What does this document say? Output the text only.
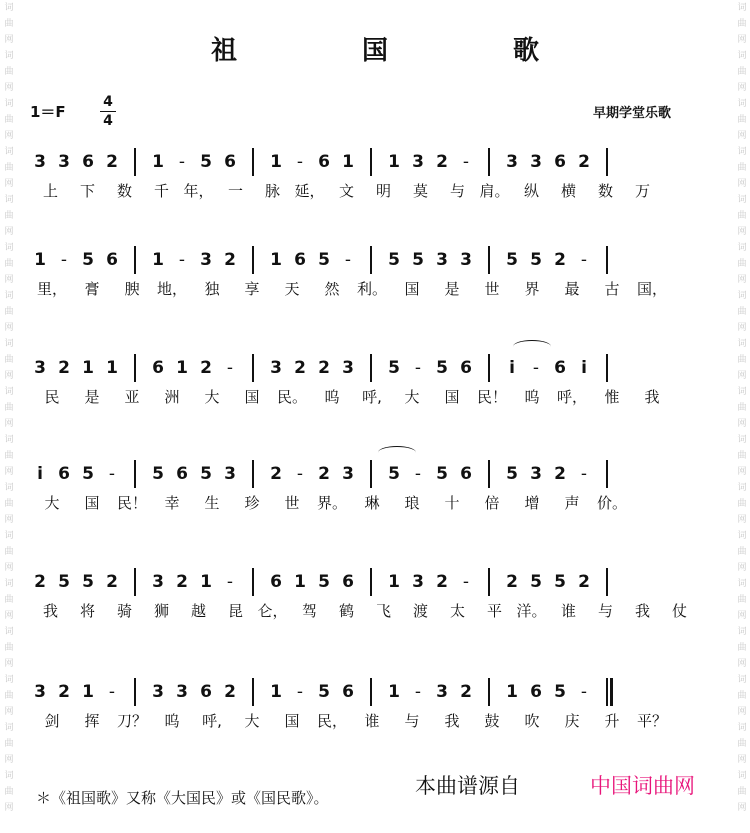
词
曲
网
词
曲
网
词
曲
网
词
曲
网
词
曲
网
词
曲
网
词
曲
网
词
曲
网
词
曲
网
词
曲
网
词
曲
网
词
曲
网
词
曲
网
词
曲
网
词
曲
网
词
曲
网
词
曲
网
词
曲
网
词
曲
网
词
曲
网
词
曲
网
词
曲
网
词
曲
网
词
曲
网
词
曲
网
词
曲
网
词
曲
网
词
曲
网
词
曲
网
词
曲
网
词
曲
网
词
曲
网
词
曲
网
词
曲
网
祖 国 歌
1＝F
4
4	早期学堂乐歌
3 3 6 2	1 - 5 6	1 - 6 1	1 3 2 -	3 3 6 2
上	下	数	千 年， 一	脉 延， 文	明	莫	与 肩。 纵	横	数	万
1 - 5 6	1 - 3 2	1 6 5 -	5 5 3 3	5 5 2 -
里，	膏	腴	地，	独	享	天	然	利。	国	是	世	界	最	古	国，
3 2 1 1	6 1 2 -	3 2 2 3	5 - 5 6	i	- 6 i
民	是	亚	洲	大	国	民。	呜	呼,	大	国	民！	呜	呼，	惟	我
i 6 5 -	5 6 5 3	2 - 2 3	5 - 5 6	5 3 2 -
大	国	民！	幸	生	珍	世	界。	琳	琅	十	倍	增	声	价。
2 5 5 2	3 2 1 -	6 1 5 6	1 3 2 -	2 5 5 2
我	将	骑	狮	越	昆 仑， 驾	鹤	飞	渡	太	平 洋。 谁	与	我	仗
3 2 1 -	3 3 6 2	1 - 5 6	1 - 3 2	1 6 5 -
剑	挥	刀？	呜	呼,	大	国	民，	谁	与	我	鼓	吹	庆	升	平？
＊《祖国歌》又称《大国民》或《国民歌》。	本曲谱源自	中国词曲网
